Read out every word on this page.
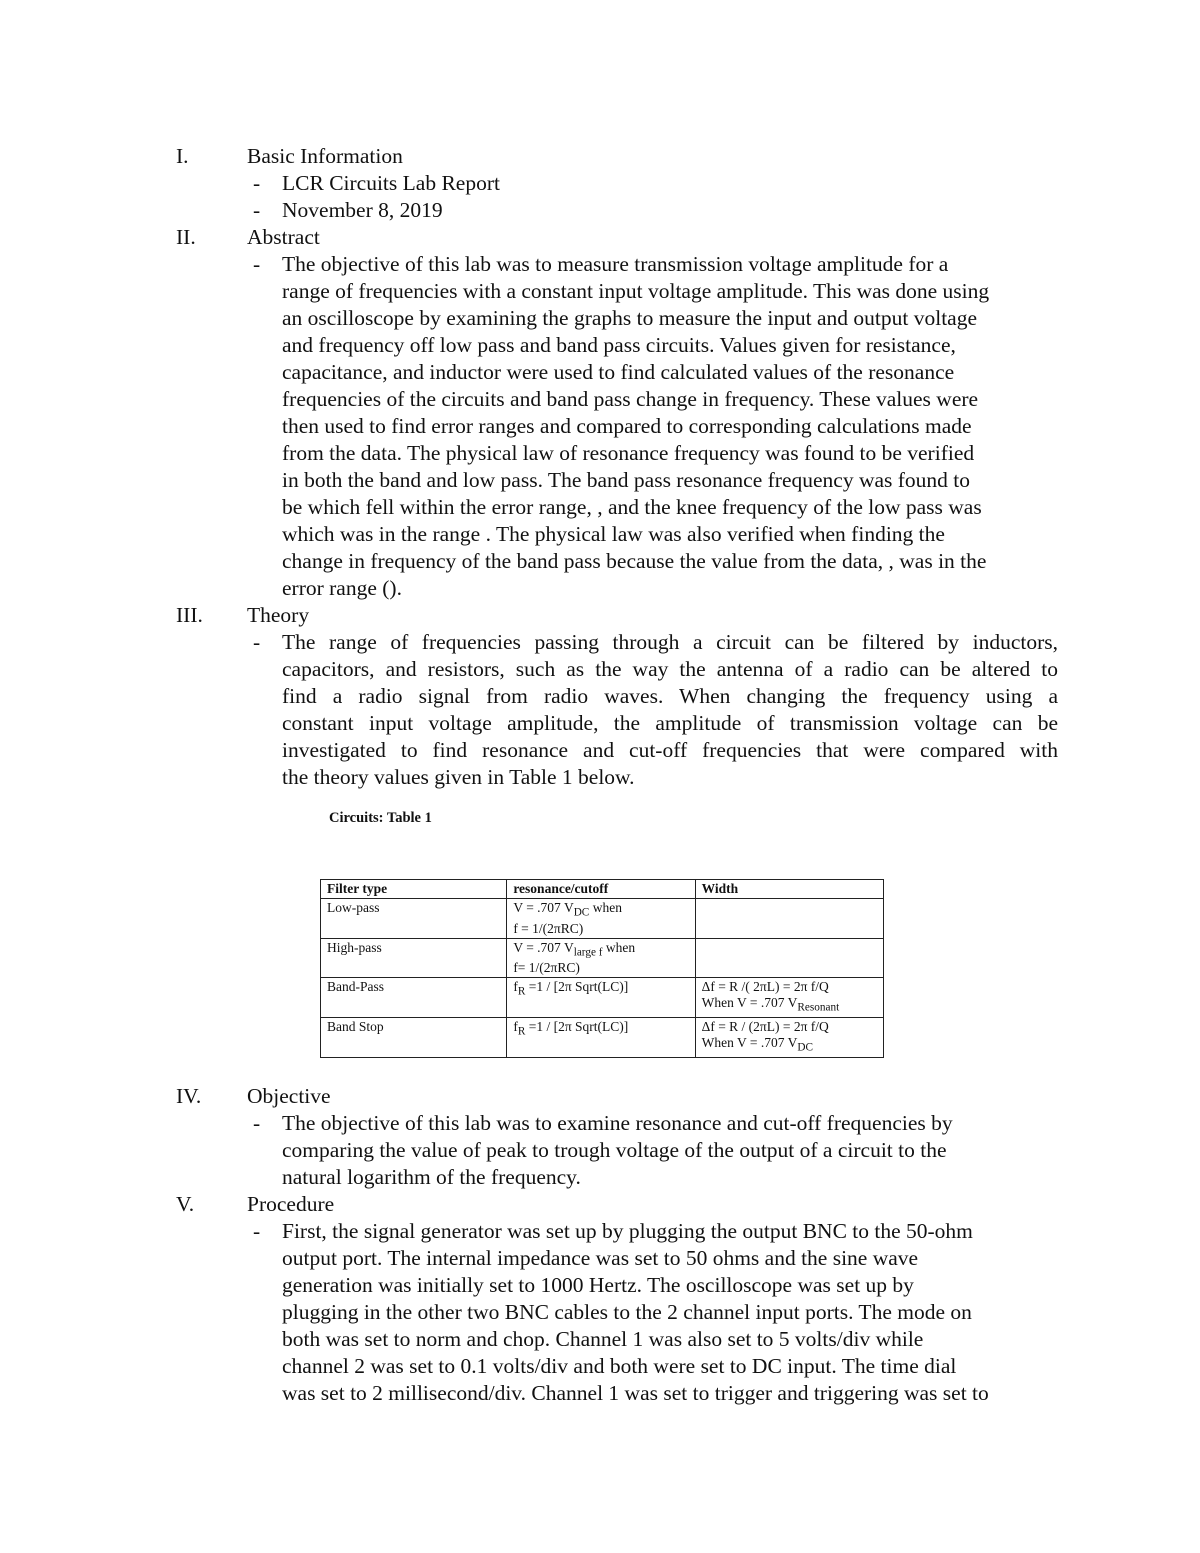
I.	Basic Information
- LCR Circuits Lab Report
- November 8, 2019
II. Abstract
- The objective of this lab was to measure transmission voltage amplitude for a
range of frequencies with a constant input voltage amplitude. This was done using
an oscilloscope by examining the graphs to measure the input and output voltage
and frequency off low pass and band pass circuits. Values given for resistance,
capacitance, and inductor were used to find calculated values of the resonance
frequencies of the circuits and band pass change in frequency. These values were
then used to find error ranges and compared to corresponding calculations made
from the data. The physical law of resonance frequency was found to be verified
in both the band and low pass. The band pass resonance frequency was found to
be which fell within the error range, , and the knee frequency of the low pass was
which was in the range . The physical law was also verified when finding the
change in frequency of the band pass because the value from the data, , was in the
error range ().
III. Theory
- The range of frequencies passing through a circuit can be filtered by inductors,
capacitors, and resistors, such as the way the antenna of a radio can be altered to
find a radio signal from radio waves. When changing the frequency using a
constant input voltage amplitude, the amplitude of transmission voltage can be
investigated to find resonance and cut-off frequencies that were compared with
the theory values given in Table 1 below.
Circuits: Table 1
Filter type	resonance/cutoff	Width
Low-pass	V = .707 $V_{DC}$ when
f = 1/(2πRC)	

High-pass	V = .707 $V_{large f}$ when
f= 1/(2πRC)	

Band-Pass	$f_R =1 / [2\pi$ Sqrt(LC)]	Δf = R /( 2πL) = 2π f/Q
When V = .707 $V_{Resonant}$

Band Stop	$f_R =1 / [2\pi$ Sqrt(LC)]	Δf = R / (2πL) = 2π f/Q
When V = .707 $V_{DC}$
IV. Objective
- The objective of this lab was to examine resonance and cut-off frequencies by
comparing the value of peak to trough voltage of the output of a circuit to the
natural logarithm of the frequency.
V. Procedure
- First, the signal generator was set up by plugging the output BNC to the 50-ohm
output port. The internal impedance was set to 50 ohms and the sine wave
generation was initially set to 1000 Hertz. The oscilloscope was set up by
plugging in the other two BNC cables to the 2 channel input ports. The mode on
both was set to norm and chop. Channel 1 was also set to 5 volts/div while
channel 2 was set to 0.1 volts/div and both were set to DC input. The time dial
was set to 2 millisecond/div. Channel 1 was set to trigger and triggering was set to
